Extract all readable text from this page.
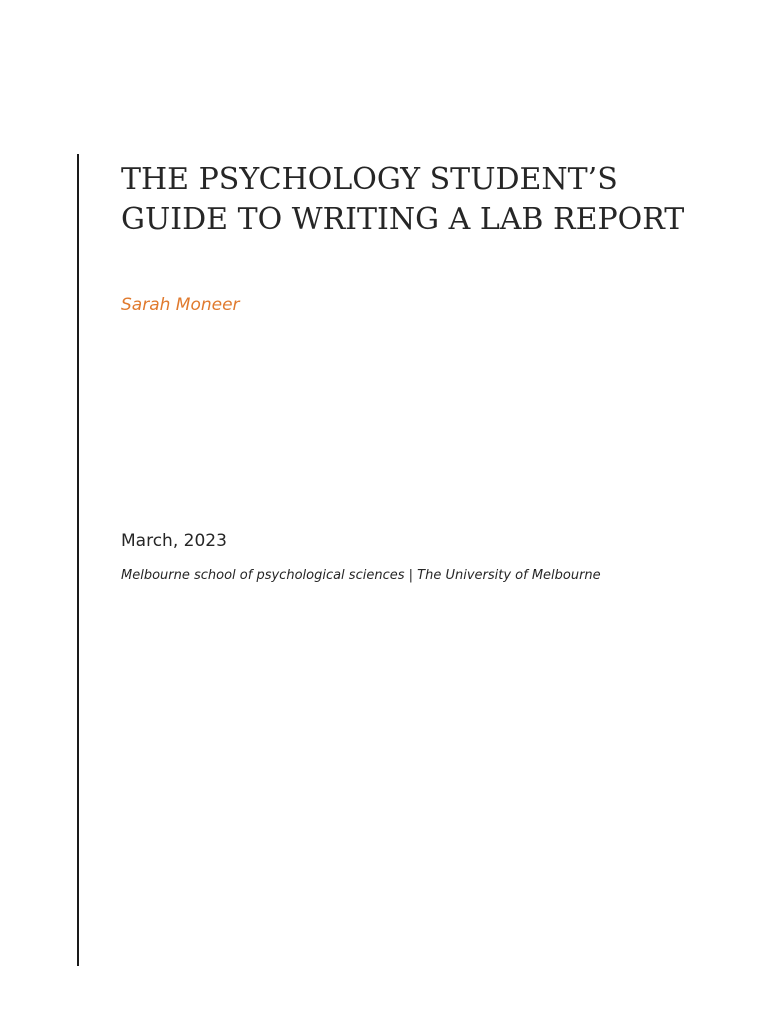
THE PSYCHOLOGY STUDENT’S
GUIDE TO WRITING A LAB REPORT

Sarah Moneer

March, 2023

Melbourne school of psychological sciences | The University of Melbourne
